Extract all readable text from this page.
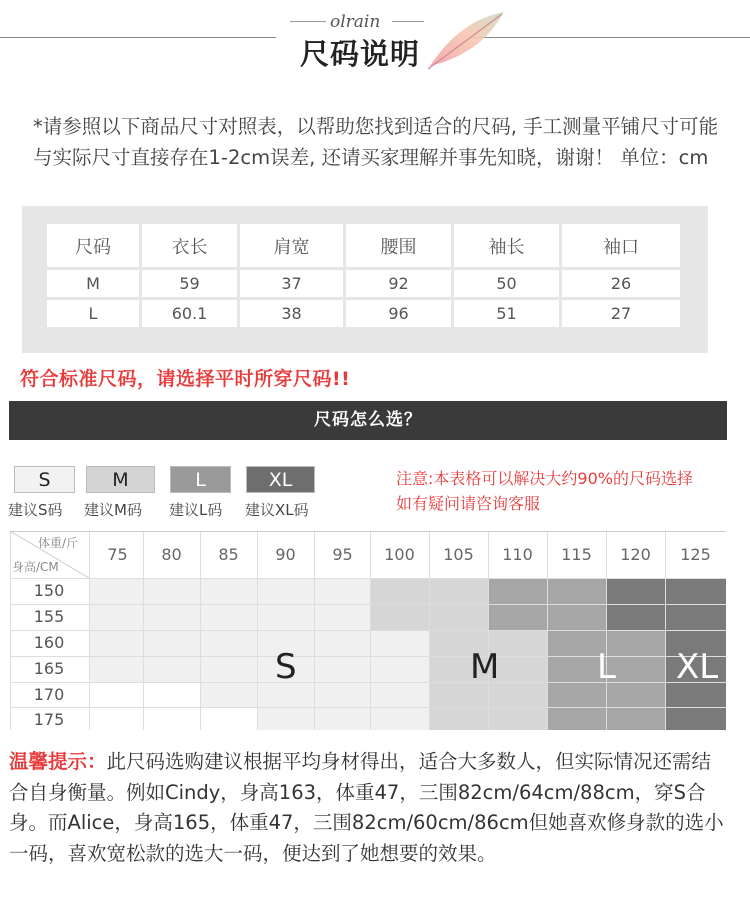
olrain
尺码说明
*请参照以下商品尺寸对照表，以帮助您找到适合的尺码, 手工测量平铺尺寸可能与实际尺寸直接存在1-2cm误差, 还请买家理解并事先知晓，谢谢！ 单位：cm
尺码	衣长	肩宽	腰围	袖长	袖口
M	59	37	92	50	26
L	60.1	38	96	51	27
符合标准尺码，请选择平时所穿尺码!!
尺码怎么选？
S	M	L	XL
建议S码 建议M码 建议L码 建议XL码
注意:本表格可以解决大约90%的尺码选择
如有疑问请咨询客服
体重/斤
身高/CM
75	80	85	90	95	100	105	110	115	120	125
150
155
160
165
170
175
S	M	L XL
温馨提示：此尺码选购建议根据平均身材得出，适合大多数人，但实际情况还需结合自身衡量。例如Cindy，身高163，体重47，三围82cm/64cm/88cm，穿S合身。而Alice，身高165，体重47，三围82cm/60cm/86cm但她喜欢修身款的选小一码，喜欢宽松款的选大一码，便达到了她想要的效果。
